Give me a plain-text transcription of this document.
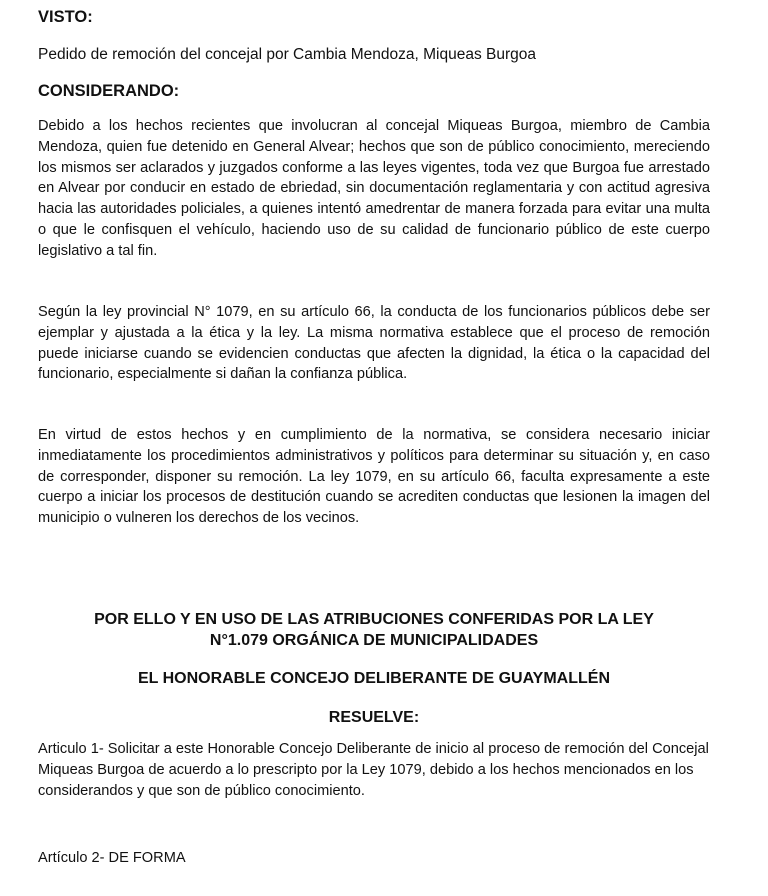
VISTO:

Pedido de remoción del concejal por Cambia Mendoza, Miqueas Burgoa

CONSIDERANDO:

Debido a los hechos recientes que involucran al concejal Miqueas Burgoa, miembro de Cambia Mendoza, quien fue detenido en General Alvear; hechos que son de público conocimiento, mereciendo los mismos ser aclarados y juzgados conforme a las leyes vigentes, toda vez que Burgoa fue arrestado en Alvear por conducir en estado de ebriedad, sin documentación reglamentaria y con actitud agresiva hacia las autoridades policiales, a quienes intentó amedrentar de manera forzada para evitar una multa o que le confisquen el vehículo, haciendo uso de su calidad de funcionario público de este cuerpo legislativo a tal fin.

Según la ley provincial N° 1079, en su artículo 66, la conducta de los funcionarios públicos debe ser ejemplar y ajustada a la ética y la ley. La misma normativa establece que el proceso de remoción puede iniciarse cuando se evidencien conductas que afecten la dignidad, la ética o la capacidad del funcionario, especialmente si dañan la confianza pública.

En virtud de estos hechos y en cumplimiento de la normativa, se considera necesario iniciar inmediatamente los procedimientos administrativos y políticos para determinar su situación y, en caso de corresponder, disponer su remoción. La ley 1079, en su artículo 66, faculta expresamente a este cuerpo a iniciar los procesos de destitución cuando se acrediten conductas que lesionen la imagen del municipio o vulneren los derechos de los vecinos.

POR ELLO Y EN USO DE LAS ATRIBUCIONES CONFERIDAS POR LA LEY
N°1.079 ORGÁNICA DE MUNICIPALIDADES

EL HONORABLE CONCEJO DELIBERANTE DE GUAYMALLÉN

RESUELVE:

Articulo 1- Solicitar a este Honorable Concejo Deliberante de inicio al proceso de remoción del Concejal Miqueas Burgoa de acuerdo a lo prescripto por la Ley 1079, debido a los hechos mencionados en los considerandos y que son de público conocimiento.

Artículo 2- DE FORMA
